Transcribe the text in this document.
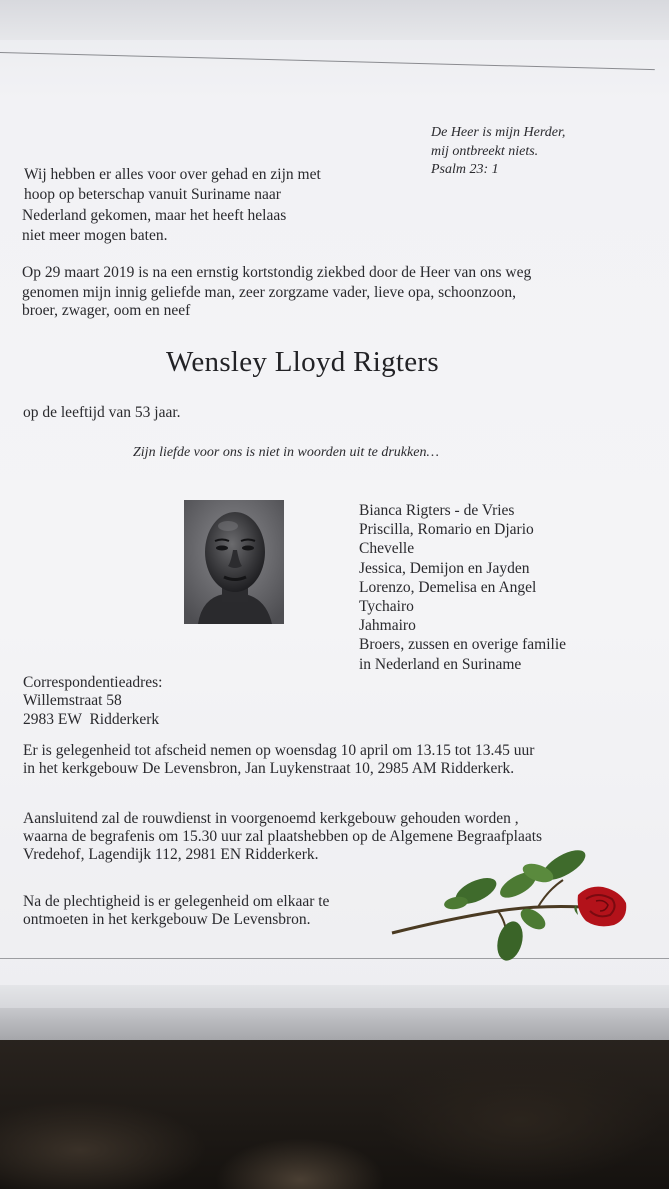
De Heer is mijn Herder,
mij ontbreekt niets.
Psalm 23: 1
Wij hebben er alles voor over gehad en zijn met
hoop op beterschap vanuit Suriname naar
Nederland gekomen, maar het heeft helaas
niet meer mogen baten.
Op 29 maart 2019 is na een ernstig kortstondig ziekbed door de Heer van ons weg
genomen mijn innig geliefde man, zeer zorgzame vader, lieve opa, schoonzoon,
broer, zwager, oom en neef
Wensley Lloyd Rigters
op de leeftijd van 53 jaar.
Zijn liefde voor ons is niet in woorden uit te drukken…
Bianca Rigters - de Vries
Priscilla, Romario en Djario
Chevelle
Jessica, Demijon en Jayden
Lorenzo, Demelisa en Angel
Tychairo
Jahmairo
Broers, zussen en overige familie
in Nederland en Suriname
Correspondentieadres:
Willemstraat 58
2983 EW  Ridderkerk
Er is gelegenheid tot afscheid nemen op woensdag 10 april om 13.15 tot 13.45 uur
in het kerkgebouw De Levensbron, Jan Luykenstraat 10, 2985 AM Ridderkerk.
Aansluitend zal de rouwdienst in voorgenoemd kerkgebouw gehouden worden ,
waarna de begrafenis om 15.30 uur zal plaatshebben op de Algemene Begraafplaats
Vredehof, Lagendijk 112, 2981 EN Ridderkerk.
Na de plechtigheid is er gelegenheid om elkaar te
ontmoeten in het kerkgebouw De Levensbron.
